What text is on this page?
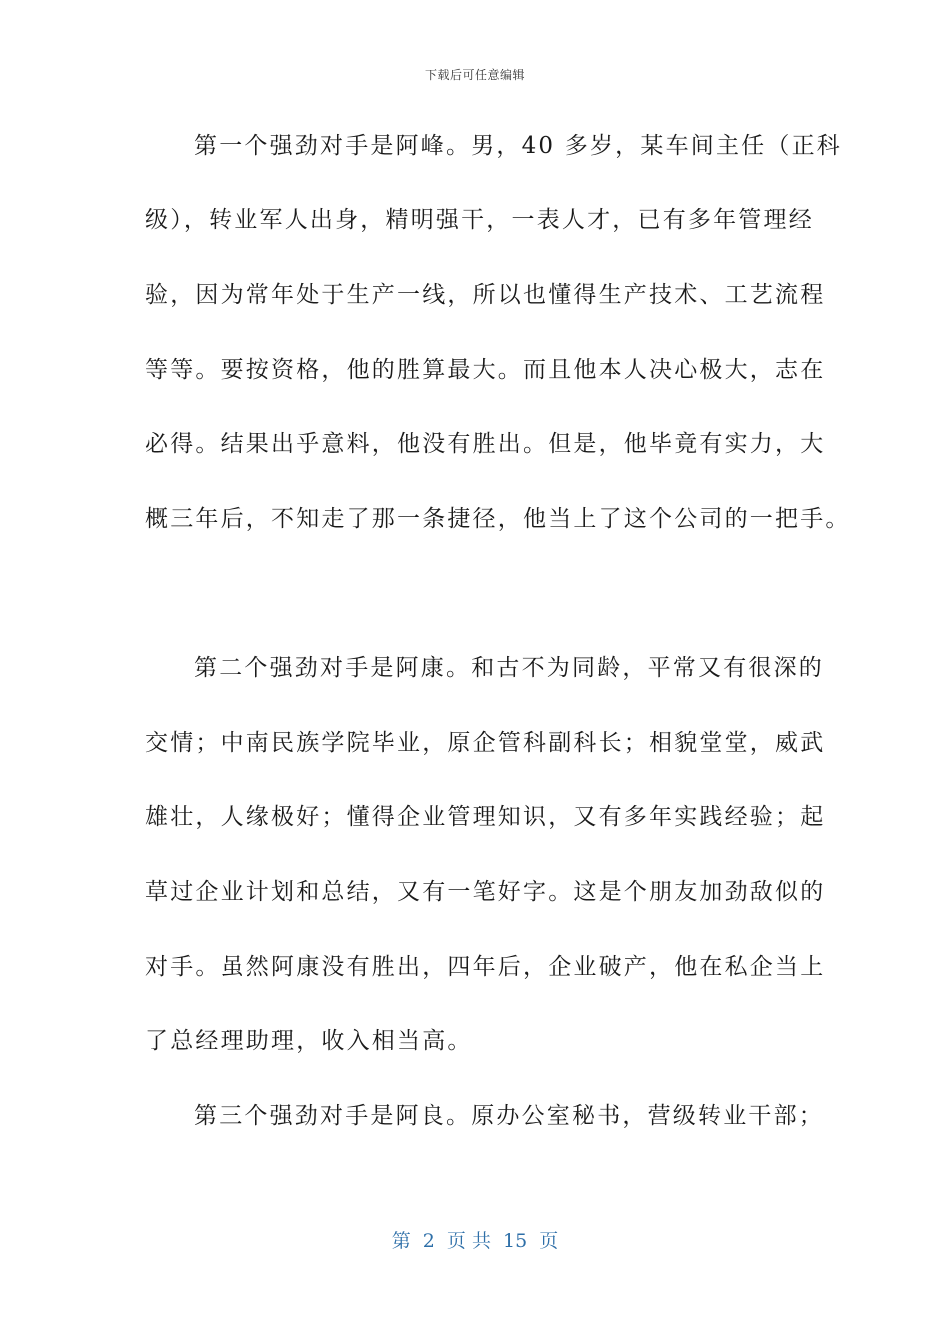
下载后可任意编辑
第一个强劲对手是阿峰。男，40 多岁，某车间主任（正科
级），转业军人出身，精明强干，一表人才，已有多年管理经
验，因为常年处于生产一线，所以也懂得生产技术、工艺流程
等等。要按资格，他的胜算最大。而且他本人决心极大，志在
必得。结果出乎意料，他没有胜出。但是，他毕竟有实力，大
概三年后，不知走了那一条捷径，他当上了这个公司的一把手。
第二个强劲对手是阿康。和古不为同龄，平常又有很深的
交情；中南民族学院毕业，原企管科副科长；相貌堂堂，威武
雄壮，人缘极好；懂得企业管理知识，又有多年实践经验；起
草过企业计划和总结，又有一笔好字。这是个朋友加劲敌似的
对手。虽然阿康没有胜出，四年后，企业破产，他在私企当上
了总经理助理，收入相当高。
第三个强劲对手是阿良。原办公室秘书，营级转业干部；
第  2  页 共  15  页
